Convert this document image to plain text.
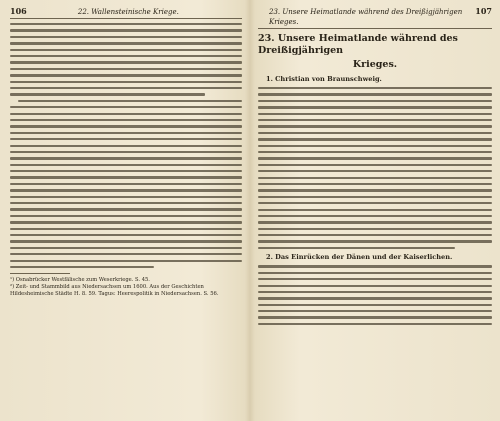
106	22. Wallensteinische Kriege.
¹) Osnabrücker Westfälische zum Weserkriege. S. 45.
²) Zeit- und Stammbild aus Niedersachsen um 1600. Aus der Geschichten
Hildesheimische Städte H. 8. 59. Tagus: Heerespolitik in Niedersachsen. S. 56.
23. Unsere Heimatlande während des Dreißigjährigen Krieges.
107
23. Unsere Heimatlande während des Dreißigjährigen
Krieges.
1. Christian von Braunschweig.
2. Das Einrücken der Dänen und der Kaiserlichen.
